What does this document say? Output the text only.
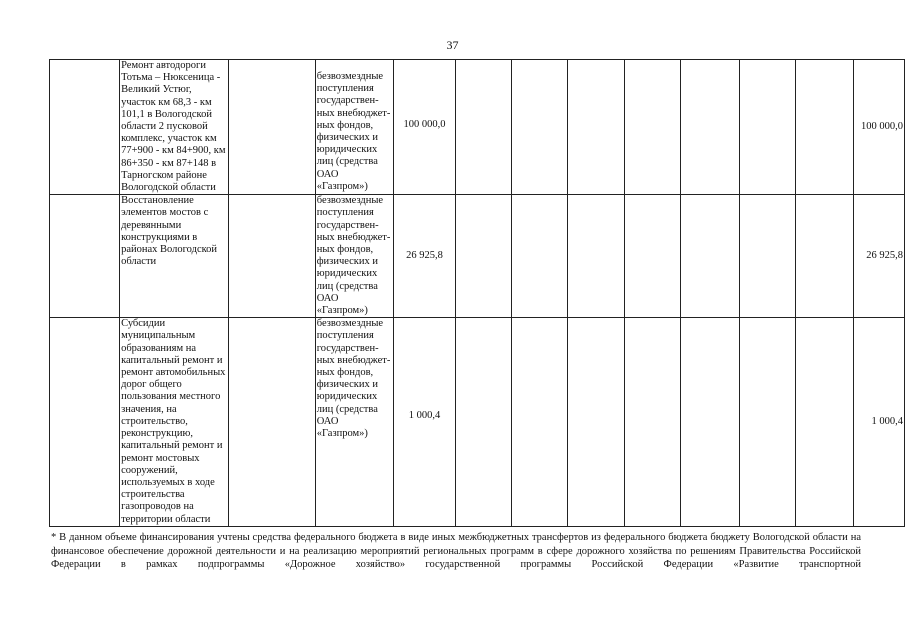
37
	Ремонт автодороги Тотьма – Нюксеница - Великий Устюг, участок км 68,3 - км 101,1 в Вологодской области 2 пусковой комплекс, участок км 77+900 - км 84+900, км 86+350 - км 87+148 в Тарногском районе Вологодской области		безвозмездные поступления государствен-ных внебюджет-ных фондов, физических и юридических лиц (средства ОАО «Газпром»)	100 000,0								100 000,0
	Восстановление элементов мостов с деревянными конструкциями в районах Вологодской области		безвозмездные поступления государствен-ных внебюджет-ных фондов, физических и юридических лиц (средства ОАО «Газпром»)	26 925,8								26 925,8
	Субсидии муниципальным образованиям на капитальный ремонт и ремонт автомобильных дорог общего пользования местного значения, на строительство, реконструкцию, капитальный ремонт и ремонт мостовых сооружений, используемых в ходе строительства газопроводов на территории области		безвозмездные поступления государствен-ных внебюджет-ных фондов, физических и юридических лиц (средства ОАО «Газпром»)	1 000,4								1 000,4

* В данном объеме финансирования учтены средства федерального бюджета в виде иных межбюджетных трансфертов из федерального бюджета бюджету Вологодской области на финансовое обеспечение дорожной деятельности и на реализацию мероприятий региональных программ в сфере дорожного хозяйства по решениям Правительства Российской Федерации в рамках подпрограммы «Дорожное хозяйство» государственной программы Российской Федерации «Развитие транспортной
